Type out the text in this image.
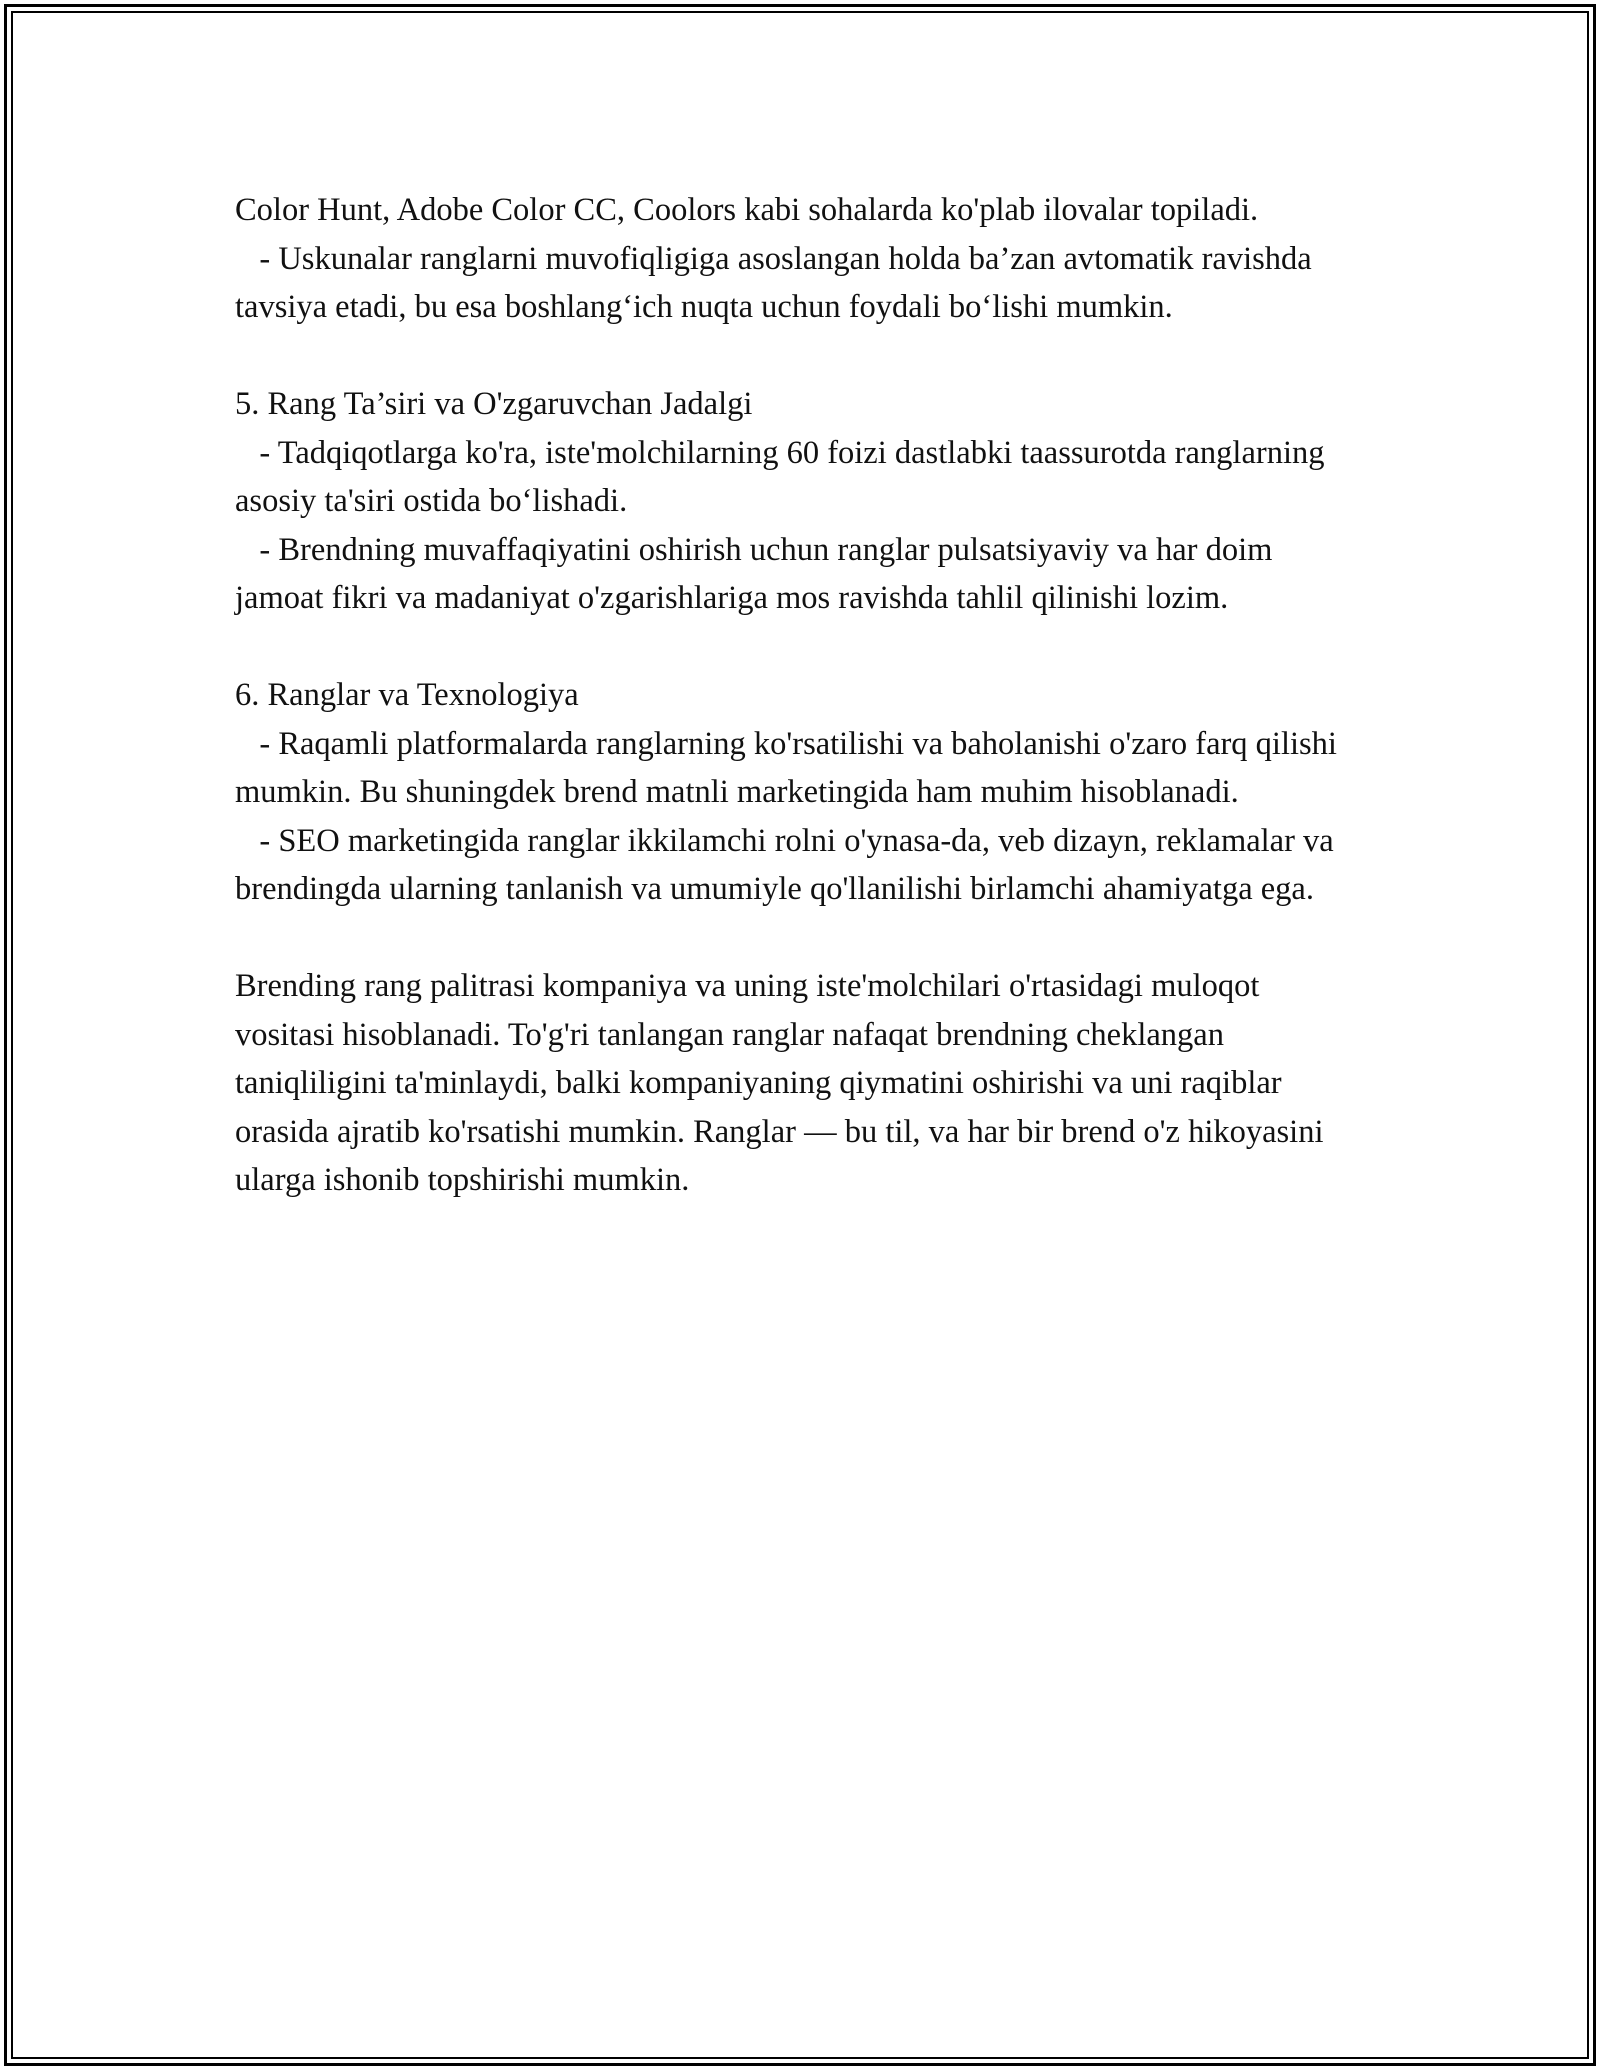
Color Hunt, Adobe Color CC, Coolors kabi sohalarda ko'plab ilovalar topiladi.

- Uskunalar ranglarni muvofiqligiga asoslangan holda ba’zan avtomatik ravishda tavsiya etadi, bu esa boshlang‘ich nuqta uchun foydali bo‘lishi mumkin.

5. Rang Ta’siri va O'zgaruvchan Jadalgi

- Tadqiqotlarga ko'ra, iste'molchilarning 60 foizi dastlabki taassurotda ranglarning asosiy ta'siri ostida bo‘lishadi.

- Brendning muvaffaqiyatini oshirish uchun ranglar pulsatsiyaviy va har doim jamoat fikri va madaniyat o'zgarishlariga mos ravishda tahlil qilinishi lozim.

6. Ranglar va Texnologiya

- Raqamli platformalarda ranglarning ko'rsatilishi va baholanishi o'zaro farq qilishi mumkin. Bu shuningdek brend matnli marketingida ham muhim hisoblanadi.

- SEO marketingida ranglar ikkilamchi rolni o'ynasa-da, veb dizayn, reklamalar va brendingda ularning tanlanish va umumiyle qo'llanilishi birlamchi ahamiyatga ega.

Brending rang palitrasi kompaniya va uning iste'molchilari o'rtasidagi muloqot vositasi hisoblanadi. To'g'ri tanlangan ranglar nafaqat brendning cheklangan taniqliligini ta'minlaydi, balki kompaniyaning qiymatini oshirishi va uni raqiblar orasida ajratib ko'rsatishi mumkin. Ranglar — bu til, va har bir brend o'z hikoyasini ularga ishonib topshirishi mumkin.
